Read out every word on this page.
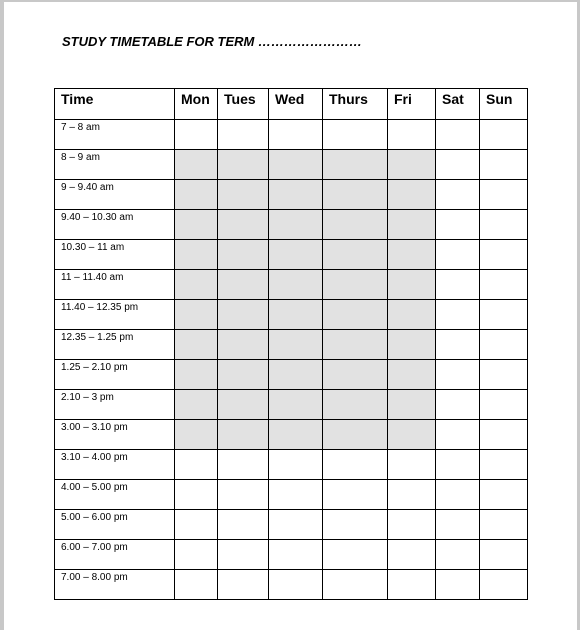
STUDY TIMETABLE FOR TERM ……………………
Time	Mon	Tues	Wed	Thurs	Fri	Sat	Sun
7 – 8 am							
8 – 9 am							
9 – 9.40 am							
9.40 – 10.30 am							
10.30 – 11 am							
11 – 11.40 am							
11.40 – 12.35 pm							
12.35 – 1.25 pm							
1.25 – 2.10 pm							
2.10 – 3 pm							
3.00 – 3.10 pm							
3.10 – 4.00 pm							
4.00 – 5.00 pm							
5.00 – 6.00 pm							
6.00 – 7.00 pm							
7.00 – 8.00 pm							
